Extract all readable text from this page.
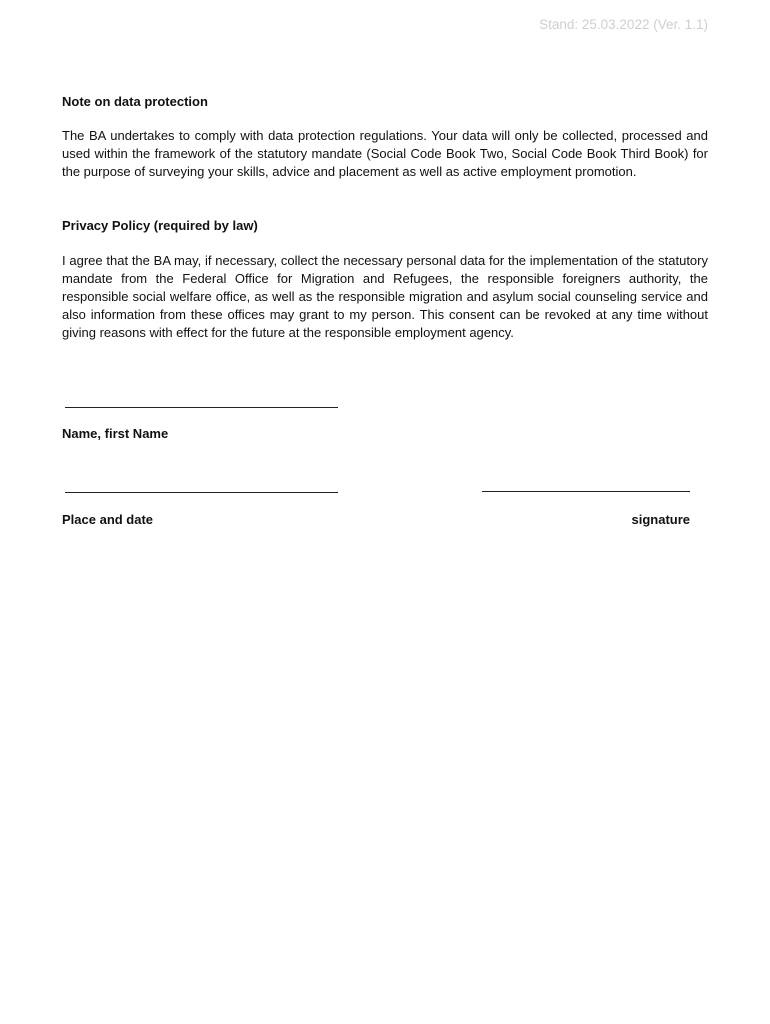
Stand: 25.03.2022 (Ver. 1.1)
Note on data protection

The BA undertakes to comply with data protection regulations. Your data will only be collected, processed and used within the framework of the statutory mandate (Social Code Book Two, Social Code Book Third Book) for the purpose of surveying your skills, advice and placement as well as active employment promotion.

Privacy Policy (required by law)

I agree that the BA may, if necessary, collect the necessary personal data for the implementation of the statutory mandate from the Federal Office for Migration and Refugees, the responsible foreigners authority, the responsible social welfare office, as well as the responsible migration and asylum social counseling service and also information from these offices may grant to my person. This consent can be revoked at any time without giving reasons with effect for the future at the responsible employment agency.

Name, first Name
Place and date	signature
